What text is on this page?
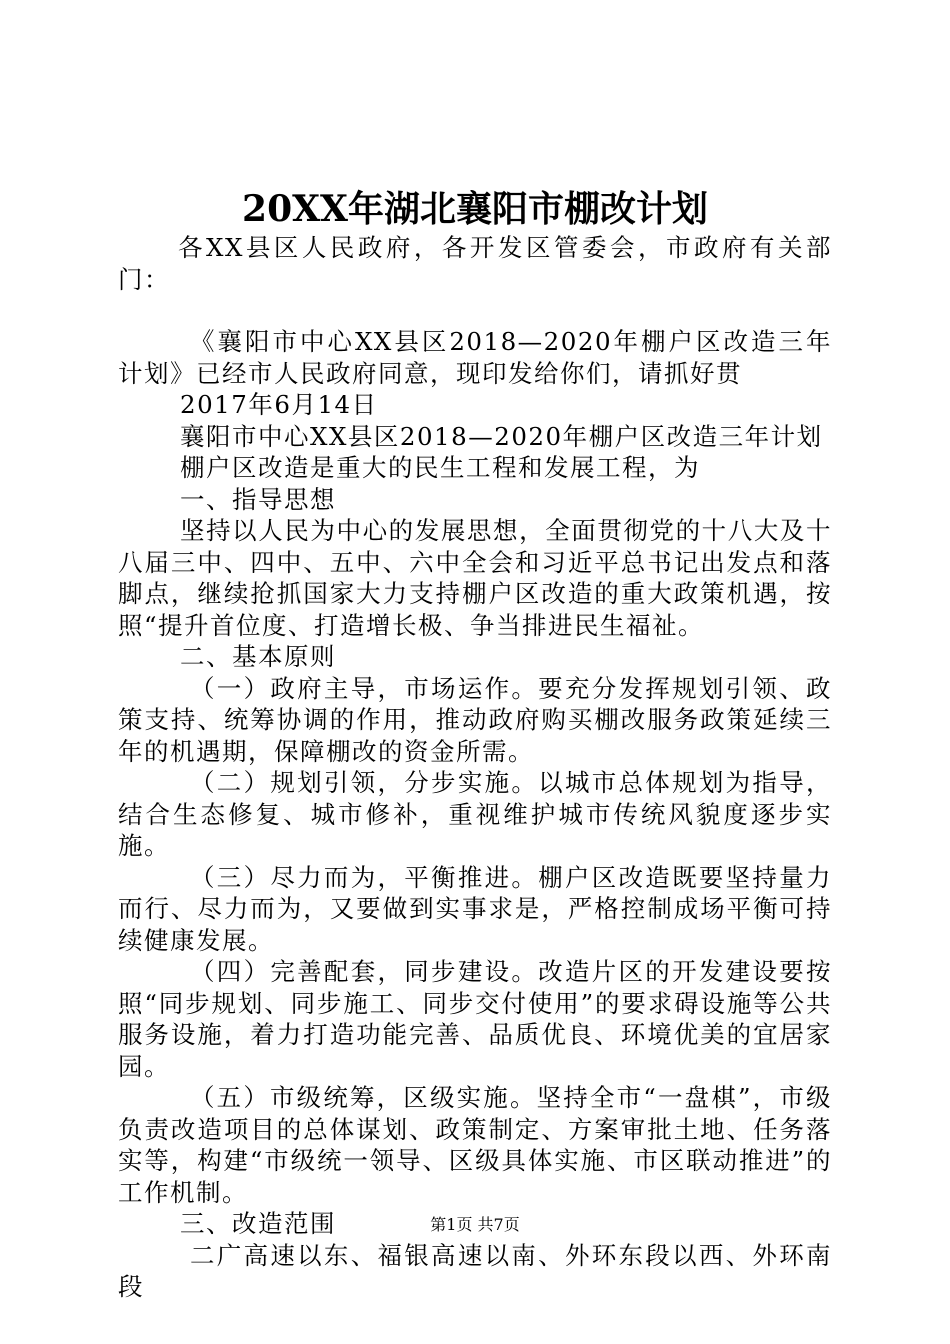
20XX年湖北襄阳市棚改计划

各XX县区人民政府，各开发区管委会，市政府有关部门：

《襄阳市中心XX县区2018—2020年棚户区改造三年计划》已经市人民政府同意，现印发给你们，请抓好贯

2017年6月14日

襄阳市中心XX县区2018—2020年棚户区改造三年计划

棚户区改造是重大的民生工程和发展工程，为

一、指导思想

坚持以人民为中心的发展思想，全面贯彻党的十八大及十八届三中、四中、五中、六中全会和习近平总书记出发点和落脚点，继续抢抓国家大力支持棚户区改造的重大政策机遇，按照“提升首位度、打造增长极、争当排进民生福祉。

二、基本原则

（一）政府主导，市场运作。要充分发挥规划引领、政策支持、统筹协调的作用，推动政府购买棚改服务政策延续三年的机遇期，保障棚改的资金所需。

（二）规划引领，分步实施。以城市总体规划为指导，结合生态修复、城市修补，重视维护城市传统风貌度逐步实施。

（三）尽力而为，平衡推进。棚户区改造既要坚持量力而行、尽力而为，又要做到实事求是，严格控制成场平衡可持续健康发展。

（四）完善配套，同步建设。改造片区的开发建设要按照“同步规划、同步施工、同步交付使用”的要求碍设施等公共服务设施，着力打造功能完善、品质优良、环境优美的宜居家园。

（五）市级统筹，区级实施。坚持全市“一盘棋”，市级负责改造项目的总体谋划、政策制定、方案审批土地、任务落实等，构建“市级统一领导、区级具体实施、市区联动推进”的工作机制。

三、改造范围

二广高速以东、福银高速以南、外环东段以西、外环南段

第1页 共7页
